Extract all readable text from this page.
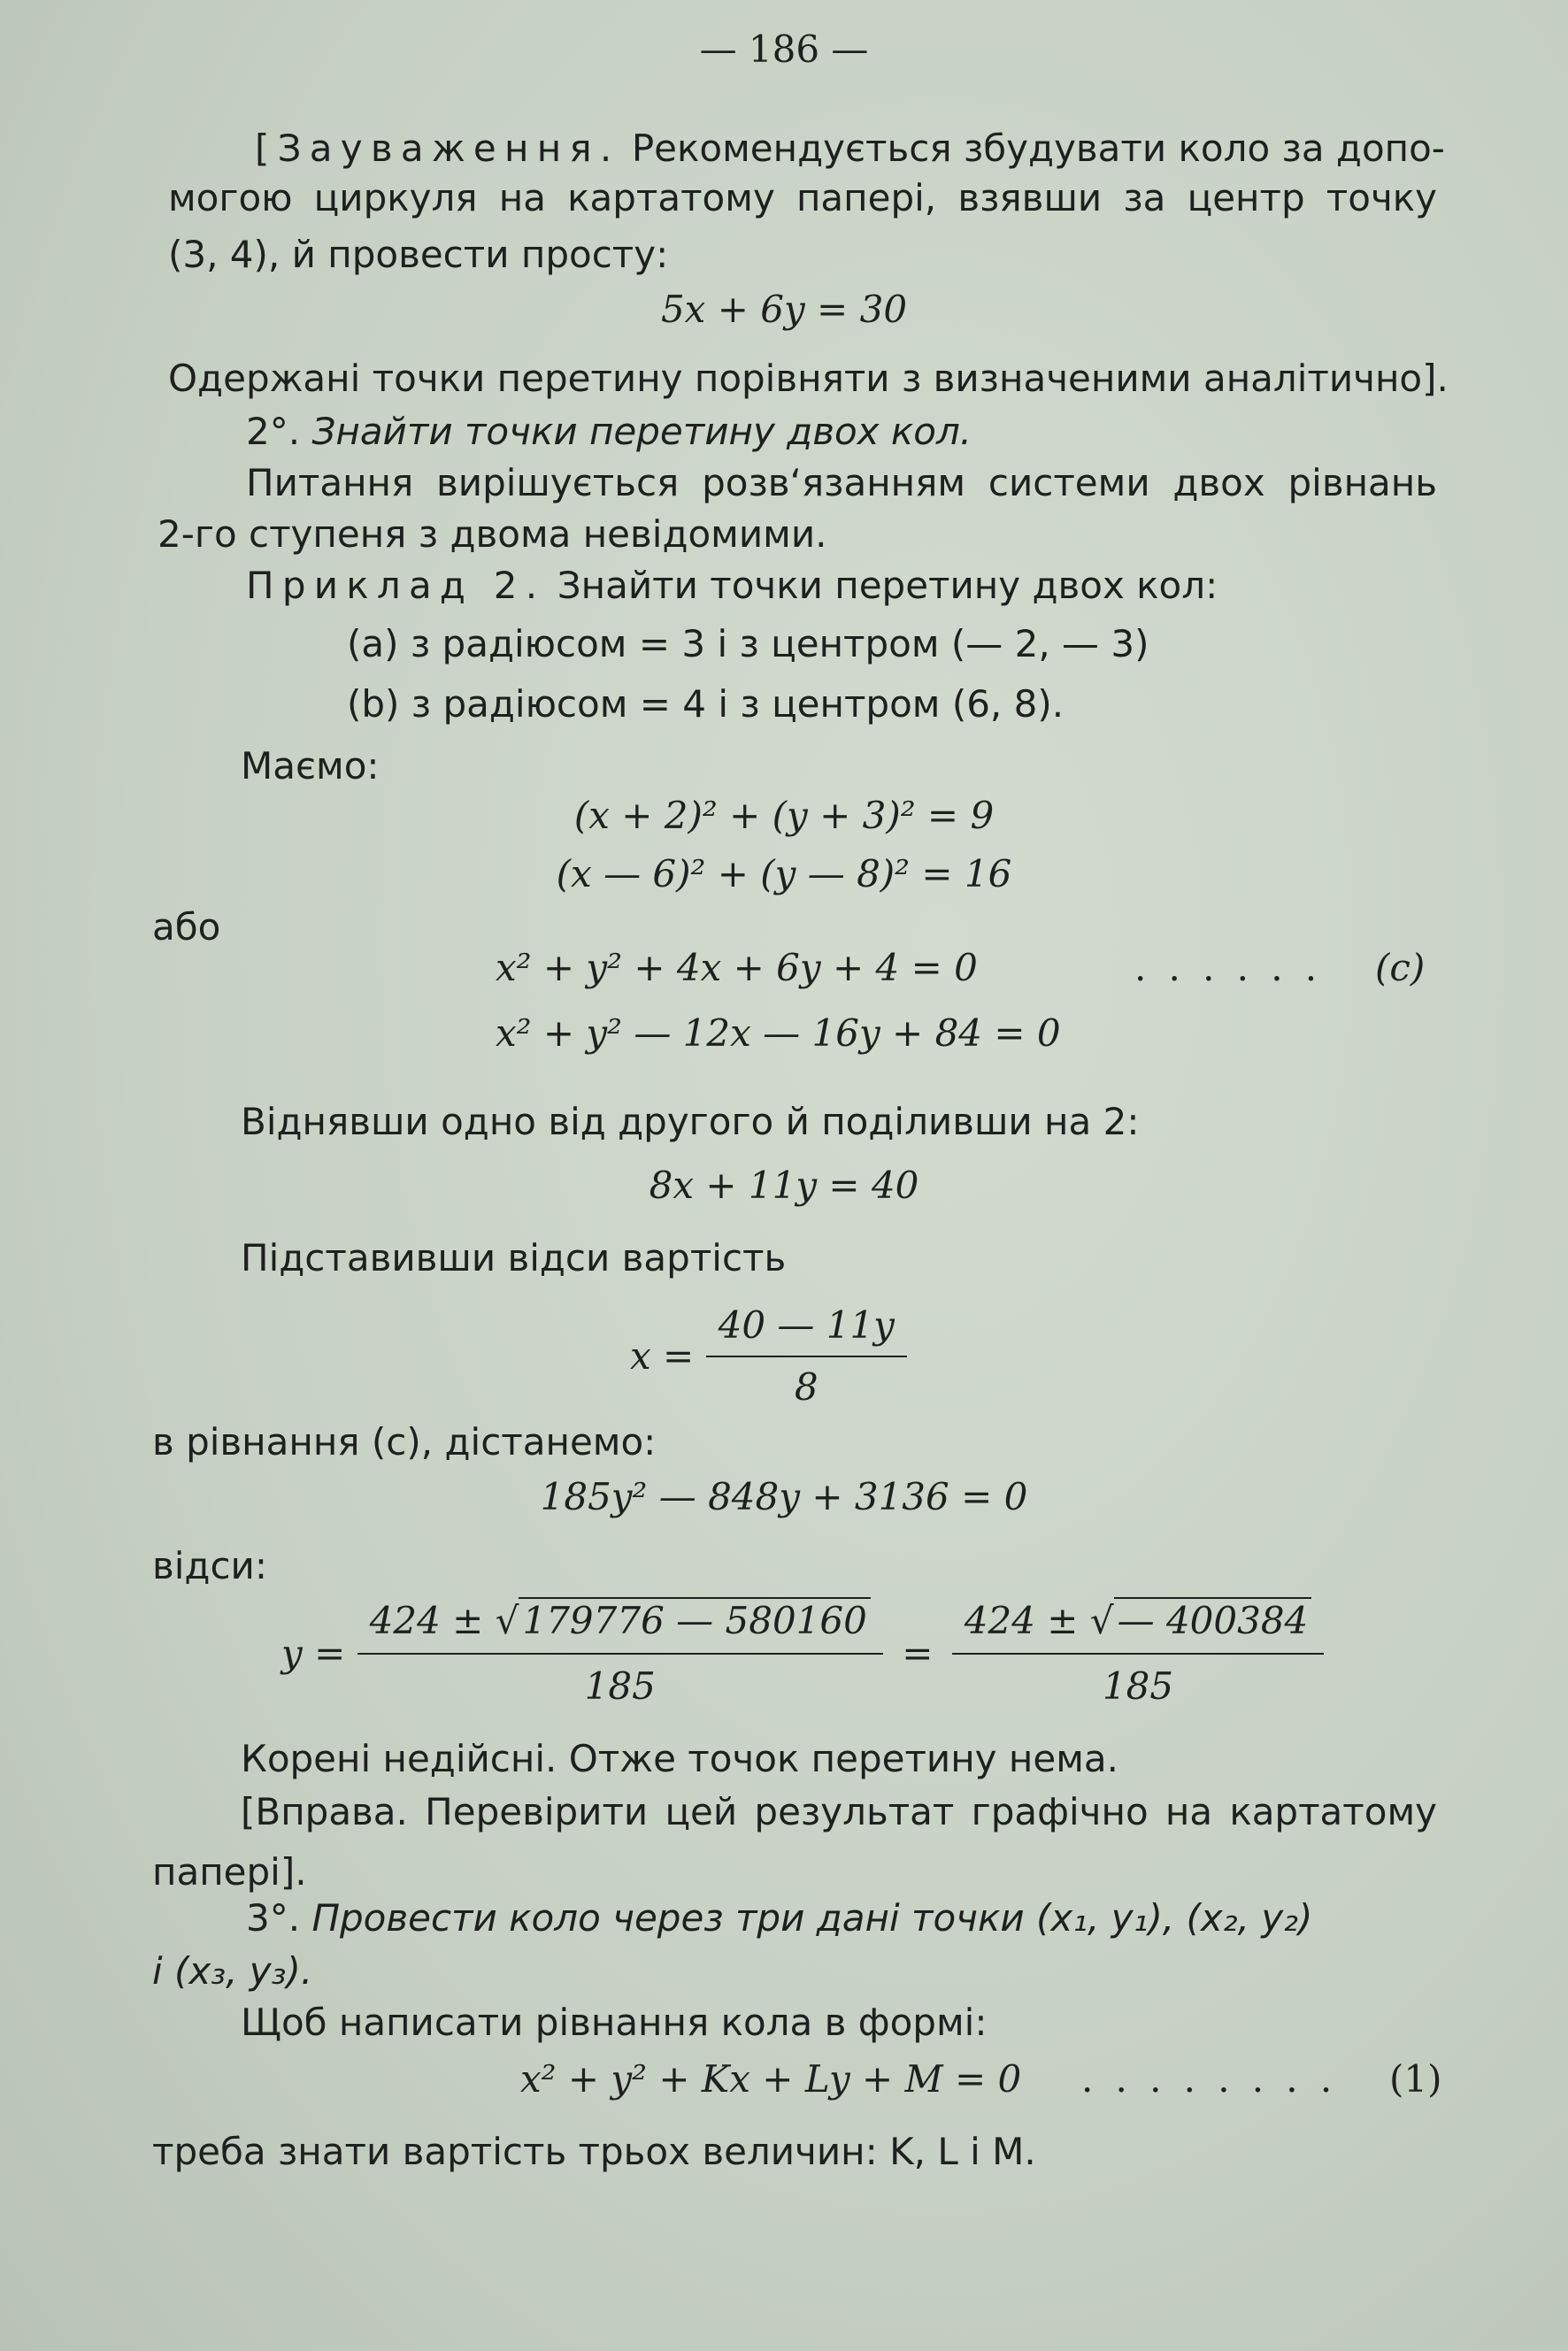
— 186 —
[Зауваження. Рекомендується збудувати коло за допо-
могою циркуля на картатому папері, взявши за центр точку
(3, 4), й провести просту:
5x + 6y = 30
Одержані точки перетину порівняти з визначеними аналітично].
2°. Знайти точки перетину двох кол.
Питання вирішується розв‘язанням системи двох рівнань
2-го ступеня з двома невідомими.
Приклад 2. Знайти точки перетину двох кол:
(a) з радіюсом = 3 і з центром (— 2, — 3)
(b) з радіюсом = 4 і з центром (6, 8).
Маємо:
(x + 2)² + (y + 3)² = 9
(x — 6)² + (y — 8)² = 16
або
x² + y² + 4x + 6y + 4 = 0	...... (c)
x² + y² — 12x — 16y + 84 = 0
Віднявши одно від другого й поділивши на 2:
8x + 11y = 40
Підставивши відси вартість
$x = \frac{40 — 11y}{8}$
в рівнання (c), дістанемо:
185y² — 848y + 3136 = 0
відси:
$y = \frac{424 \pm √179776 — 580160}{185} = \frac{424 \pm √— 400384}{185}$
Корені недійсні. Отже точок перетину нема.
[Вправа. Перевірити цей результат графічно на картатому
папері].
3°. Провести коло через три дані точки (x₁, y₁), (x₂, y₂)
і (x₃, y₃).
Щоб написати рівнання кола в формі:
x² + y² + Kx + Ly + M = 0 ........ (1)
треба знати вартість трьох величин: K, L і M.
